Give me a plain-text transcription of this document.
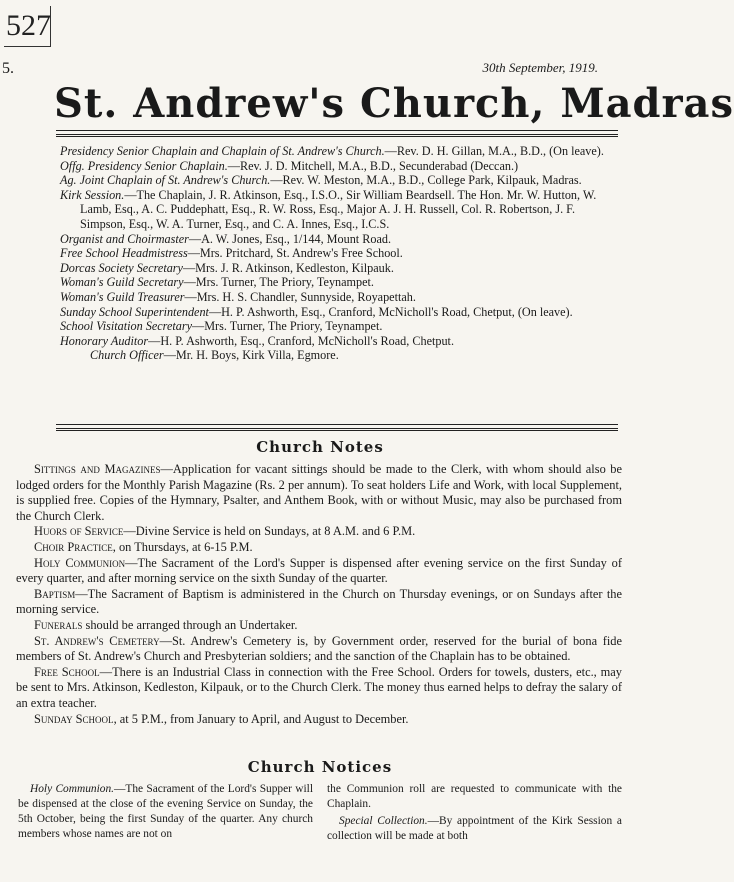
527
5.	30th September, 1919.
St. Andrew's Church, Madras

Presidency Senior Chaplain and Chaplain of St. Andrew's Church.—Rev. D. H. Gillan, M.A., B.D., (On leave).

Offg. Presidency Senior Chaplain.—Rev. J. D. Mitchell, M.A., B.D., Secunderabad (Deccan.)

Ag. Joint Chaplain of St. Andrew's Church.—Rev. W. Meston, M.A., B.D., College Park, Kilpauk, Madras.

Kirk Session.—The Chaplain, J. R. Atkinson, Esq., I.S.O., Sir William Beardsell. The Hon. Mr. W. Hutton, W. Lamb, Esq., A. C. Puddephatt, Esq., R. W. Ross, Esq., Major A. J. H. Russell, Col. R. Robertson, J. F. Simpson, Esq., W. A. Turner, Esq., and C. A. Innes, Esq., I.C.S.

Organist and Choirmaster—A. W. Jones, Esq., 1/144, Mount Road.

Free School Headmistress—Mrs. Pritchard, St. Andrew's Free School.

Dorcas Society Secretary—Mrs. J. R. Atkinson, Kedleston, Kilpauk.

Woman's Guild Secretary—Mrs. Turner, The Priory, Teynampet.

Woman's Guild Treasurer—Mrs. H. S. Chandler, Sunnyside, Royapettah.

Sunday School Superintendent—H. P. Ashworth, Esq., Cranford, McNicholl's Road, Chetput, (On leave).

School Visitation Secretary—Mrs. Turner, The Priory, Teynampet.

Honorary Auditor—H. P. Ashworth, Esq., Cranford, McNicholl's Road, Chetput.

Church Officer—Mr. H. Boys, Kirk Villa, Egmore.

Church Notes

Sittings and Magazines—Application for vacant sittings should be made to the Clerk, with whom should also be lodged orders for the Monthly Parish Magazine (Rs. 2 per annum). To seat holders Life and Work, with local Supplement, is supplied free. Copies of the Hymnary, Psalter, and Anthem Book, with or without Music, may also be purchased from the Church Clerk.

Huors of Service—Divine Service is held on Sundays, at 8 A.M. and 6 P.M.

Choir Practice, on Thursdays, at 6-15 P.M.

Holy Communion—The Sacrament of the Lord's Supper is dispensed after evening service on the first Sunday of every quarter, and after morning service on the sixth Sunday of the quarter.

Baptism—The Sacrament of Baptism is administered in the Church on Thursday evenings, or on Sundays after the morning service.

Funerals should be arranged through an Undertaker.

St. Andrew's Cemetery—St. Andrew's Cemetery is, by Government order, reserved for the burial of bona fide members of St. Andrew's Church and Presbyterian soldiers; and the sanction of the Chaplain has to be obtained.

Free School—There is an Industrial Class in connection with the Free School. Orders for towels, dusters, etc., may be sent to Mrs. Atkinson, Kedleston, Kilpauk, or to the Church Clerk. The money thus earned helps to defray the salary of an extra teacher.

Sunday School, at 5 P.M., from January to April, and August to December.

Church Notices

Holy Communion.—The Sacrament of the Lord's Supper will be dispensed at the close of the evening Service on Sunday, the 5th October, being the first Sunday of the quarter. Any church members whose names are not on

the Communion roll are requested to communicate with the Chaplain.

Special Collection.—By appointment of the Kirk Session a collection will be made at both
